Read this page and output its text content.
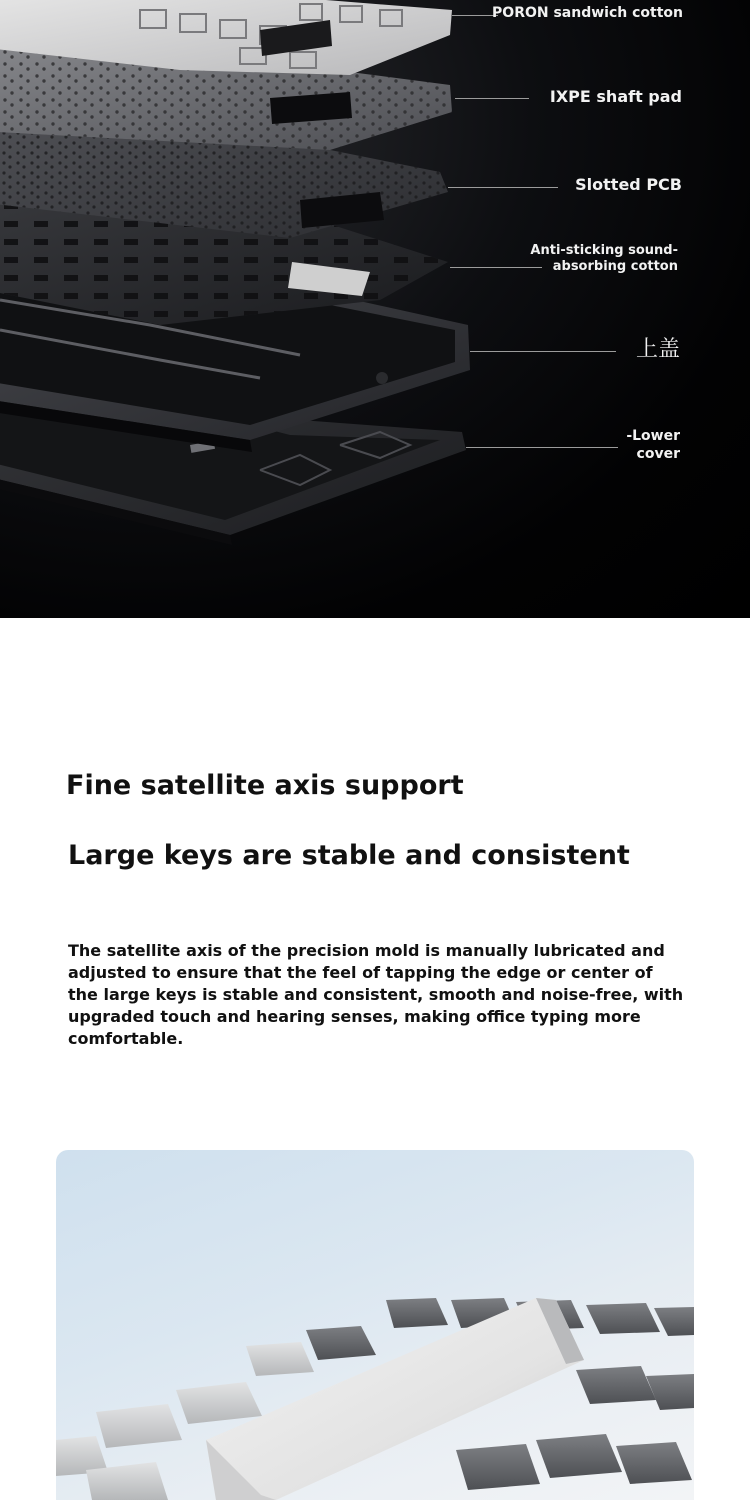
PORON sandwich cotton
IXPE shaft pad
Slotted PCB
Anti-sticking sound-absorbing cotton
上盖
-Lower cover
Fine satellite axis support
Large keys are stable and consistent

The satellite axis of the precision mold is manually lubricated and adjusted to ensure that the feel of tapping the edge or center of the large keys is stable and consistent, smooth and noise-free, with upgraded touch and hearing senses, making office typing more comfortable.
